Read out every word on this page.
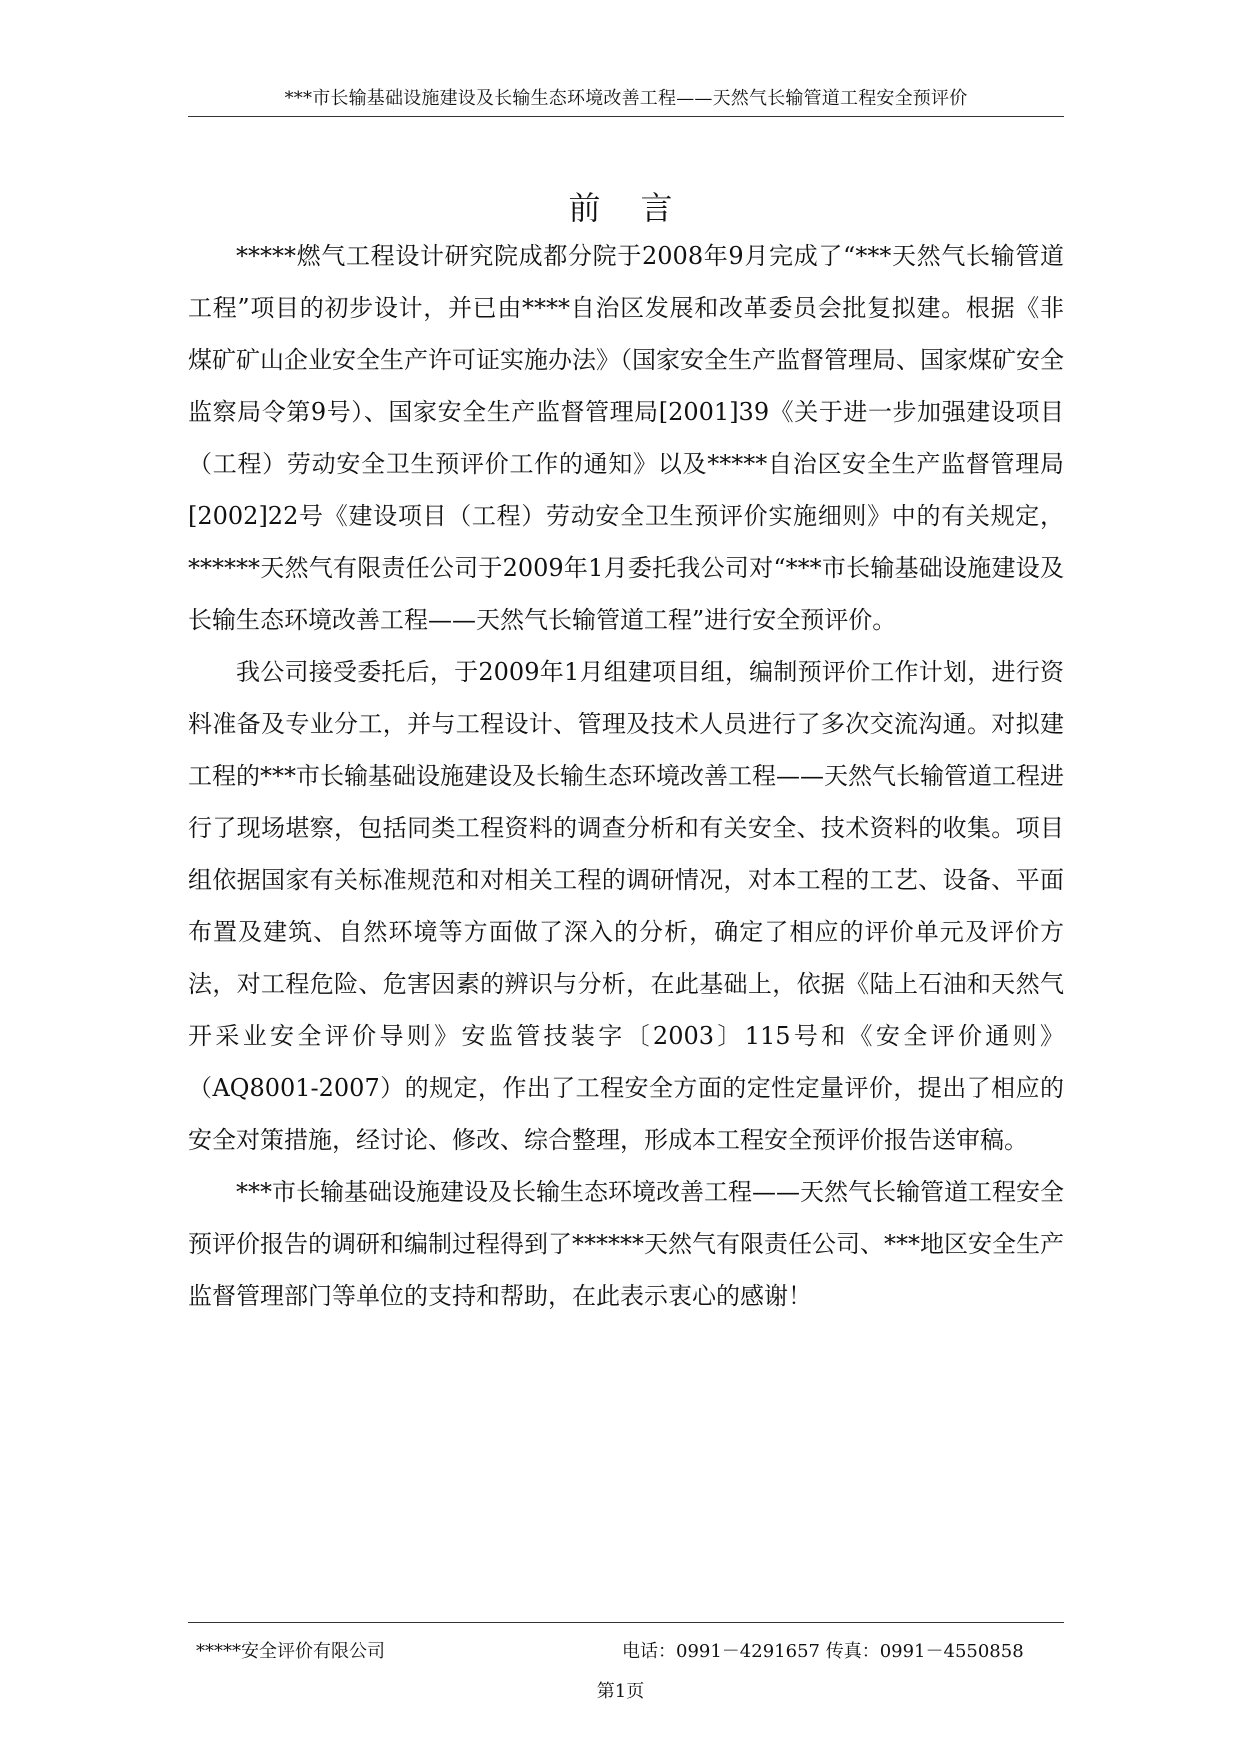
***市长输基础设施建设及长输生态环境改善工程——天然气长输管道工程安全预评价
前言

*****燃气工程设计研究院成都分院于2008年9月完成了“***天然气长输管道工程”项目的初步设计，并已由****自治区发展和改革委员会批复拟建。根据《非煤矿矿山企业安全生产许可证实施办法》（国家安全生产监督管理局、国家煤矿安全监察局令第9号）、国家安全生产监督管理局[2001]39《关于进一步加强建设项目（工程）劳动安全卫生预评价工作的通知》以及*****自治区安全生产监督管理局[2002]22号《建设项目（工程）劳动安全卫生预评价实施细则》中的有关规定，******天然气有限责任公司于2009年1月委托我公司对“***市长输基础设施建设及长输生态环境改善工程——天然气长输管道工程”进行安全预评价。

我公司接受委托后，于2009年1月组建项目组，编制预评价工作计划，进行资料准备及专业分工，并与工程设计、管理及技术人员进行了多次交流沟通。对拟建工程的***市长输基础设施建设及长输生态环境改善工程——天然气长输管道工程进行了现场堪察，包括同类工程资料的调查分析和有关安全、技术资料的收集。项目组依据国家有关标准规范和对相关工程的调研情况，对本工程的工艺、设备、平面布置及建筑、自然环境等方面做了深入的分析，确定了相应的评价单元及评价方法，对工程危险、危害因素的辨识与分析，在此基础上，依据《陆上石油和天然气开采业安全评价导则》安监管技装字〔2003〕115号和《安全评价通则》（AQ8001-2007）的规定，作出了工程安全方面的定性定量评价，提出了相应的安全对策措施，经讨论、修改、综合整理，形成本工程安全预评价报告送审稿。

***市长输基础设施建设及长输生态环境改善工程——天然气长输管道工程安全预评价报告的调研和编制过程得到了******天然气有限责任公司、***地区安全生产监督管理部门等单位的支持和帮助，在此表示衷心的感谢！

*****安全评价有限公司	电话：0991－4291657 传真：0991－4550858
第1页
